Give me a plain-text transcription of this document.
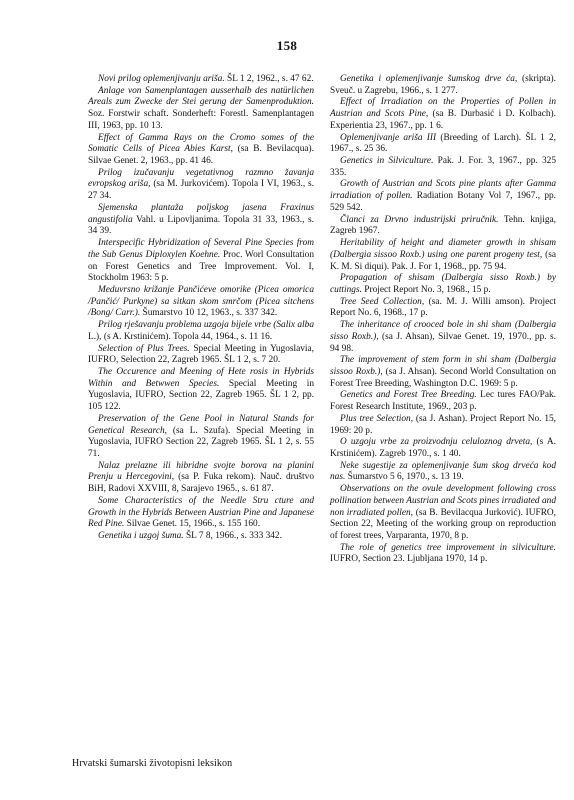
158

Novi prilog oplemenjivanju ariša. ŠL 1 2, 1962., s. 47 62.

Anlage von Samenplantagen ausserhalb des natürlichen Areals zum Zwecke der Stei gerung der Samenproduktion. Soz. Forstwir schaft. Sonderheft: Forestl. Samenplantagen III, 1963, pp. 10 13.

Effect of Gamma Rays on the Cromo somes of the Somatic Cells of Picea Abies Karst, (sa B. Bevilacqua). Silvae Genet. 2, 1963., pp. 41 46.

Prilog izučavanju vegetativnog razmno žavanja evropskog ariša, (sa M. Jurkovićem). Topola I VI, 1963., s. 27 34.

Sjemenska plantaža poljskog jasena Fraxinus angustifolia Vahl. u Lipovljanima. Topola 31 33, 1963., s. 34 39.

Interspecific Hybridization of Several Pine Species from the Sub Genus Diploxylen Koehne. Proc. Worl Consultation on Forest Genetics and Tree Improvement. Vol. I, Stockholm 1963: 5 p.

Meduvrsno križanje Pančićeve omorike (Picea omorica /Pančić/ Purkyne) sa sitkan skom smrčom (Picea sitchens /Bong/ Carr.). Šumarstvo 10 12, 1963., s. 337 342.

Prilog rješavanju problema uzgoja bijele vrbe (Salix alba L.), (s A. Krstinićem). Topola 44, 1964., s. 11 16.

Selection of Plus Trees. Special Meeting in Yugoslavia, IUFRO, Selection 22, Zagreb 1965. ŠL 1 2, s. 7 20.

The Occurence and Meening of Hete rosis in Hybrids Within and Betwwen Species. Special Meeting in Yugoslavia, IUFRO, Section 22, Zagreb 1965. ŠL 1 2, pp. 105 122.

Preservation of the Gene Pool in Natural Stands for Genetical Research, (sa L. Szufa). Special Meeting in Yugoslavia, IUFRO Section 22, Zagreb 1965. ŠL 1 2, s. 55 71.

Nalaz prelazne ili hibridne svojte borova na planini Prenju u Hercegovini, (sa P. Fuka rekom). Nauč. društvo BiH, Radovi XXVIII, 8, Sarajevo 1965., s. 61 87.

Some Characteristics of the Needle Stru cture and Growth in the Hybrids Between Austrian Pine and Japanese Red Pine. Silvae Genet. 15, 1966., s. 155 160.

Genetika i uzgoj šuma. ŠL 7 8, 1966., s. 333 342.

Genetika i oplemenjivanje šumskog drve ća, (skripta). Sveuč. u Zagrebu, 1966., s. 1 277.

Effect of Irradiation on the Properties of Pollen in Austrian and Scots Pine, (sa B. Durbasić i D. Kolbach). Experientia 23, 1967., pp. 1 6.

Oplemenjivanje ariša III (Breeding of Larch). ŠL 1 2, 1967., s. 25 36.

Genetics in Silviculture. Pak. J. For. 3, 1967., pp. 325 335.

Growth of Austrian and Scots pine plants after Gamma irradiation of pollen. Radiation Botany Vol 7, 1967., pp. 529 542.

Članci za Drvno industrijski priručnik. Tehn. knjiga, Zagreb 1967.

Heritability of height and diameter growth in shisam (Dalbergia sissoo Roxb.) using one parent progeny test, (sa K. M. Si diqui). Pak. J. For 1, 1968., pp. 75 94.

Propagation of shisam (Dalbergia sisso Roxb.) by cuttings. Project Report No. 3, 1968., 15 p.

Tree Seed Collection, (sa. M. J. Willi amson). Project Report No. 6, 1968., 17 p.

The inheritance of crooced bole in shi sham (Dalbergia sisso Roxb.), (sa J. Ahsan), Silvae Genet. 19, 1970., pp. s. 94 98.

The improvement of stem form in shi sham (Dalbergia sissoo Roxb.), (sa J. Ahsan). Second World Consultation on Forest Tree Breeding, Washington D.C. 1969: 5 p.

Genetics and Forest Tree Breeding. Lec tures FAO/Pak. Forest Research Institute, 1969., 203 p.

Plus tree Selection, (sa J. Ashan). Project Report No. 15, 1969: 20 p.

O uzgoju vrbe za proizvodnju celuloznog drveta, (s A. Krstinićem). Zagreb 1970., s. 1 40.

Neke sugestije za oplemenjivanje šum skog drveća kod nas. Šumarstvo 5 6, 1970., s. 13 19.

Observations on the ovule development following cross pollination between Austrian and Scots pines irradiated and non irradiated pollen, (sa B. Bevilacqua Jurković). IUFRO, Section 22, Meeting of the working group on reproduction of forest trees, Varparanta, 1970, 8 p.

The role of genetics tree improvement in silviculture. IUFRO, Section 23. Ljubljana 1970, 14 p.

Hrvatski šumarski životopisni leksikon
